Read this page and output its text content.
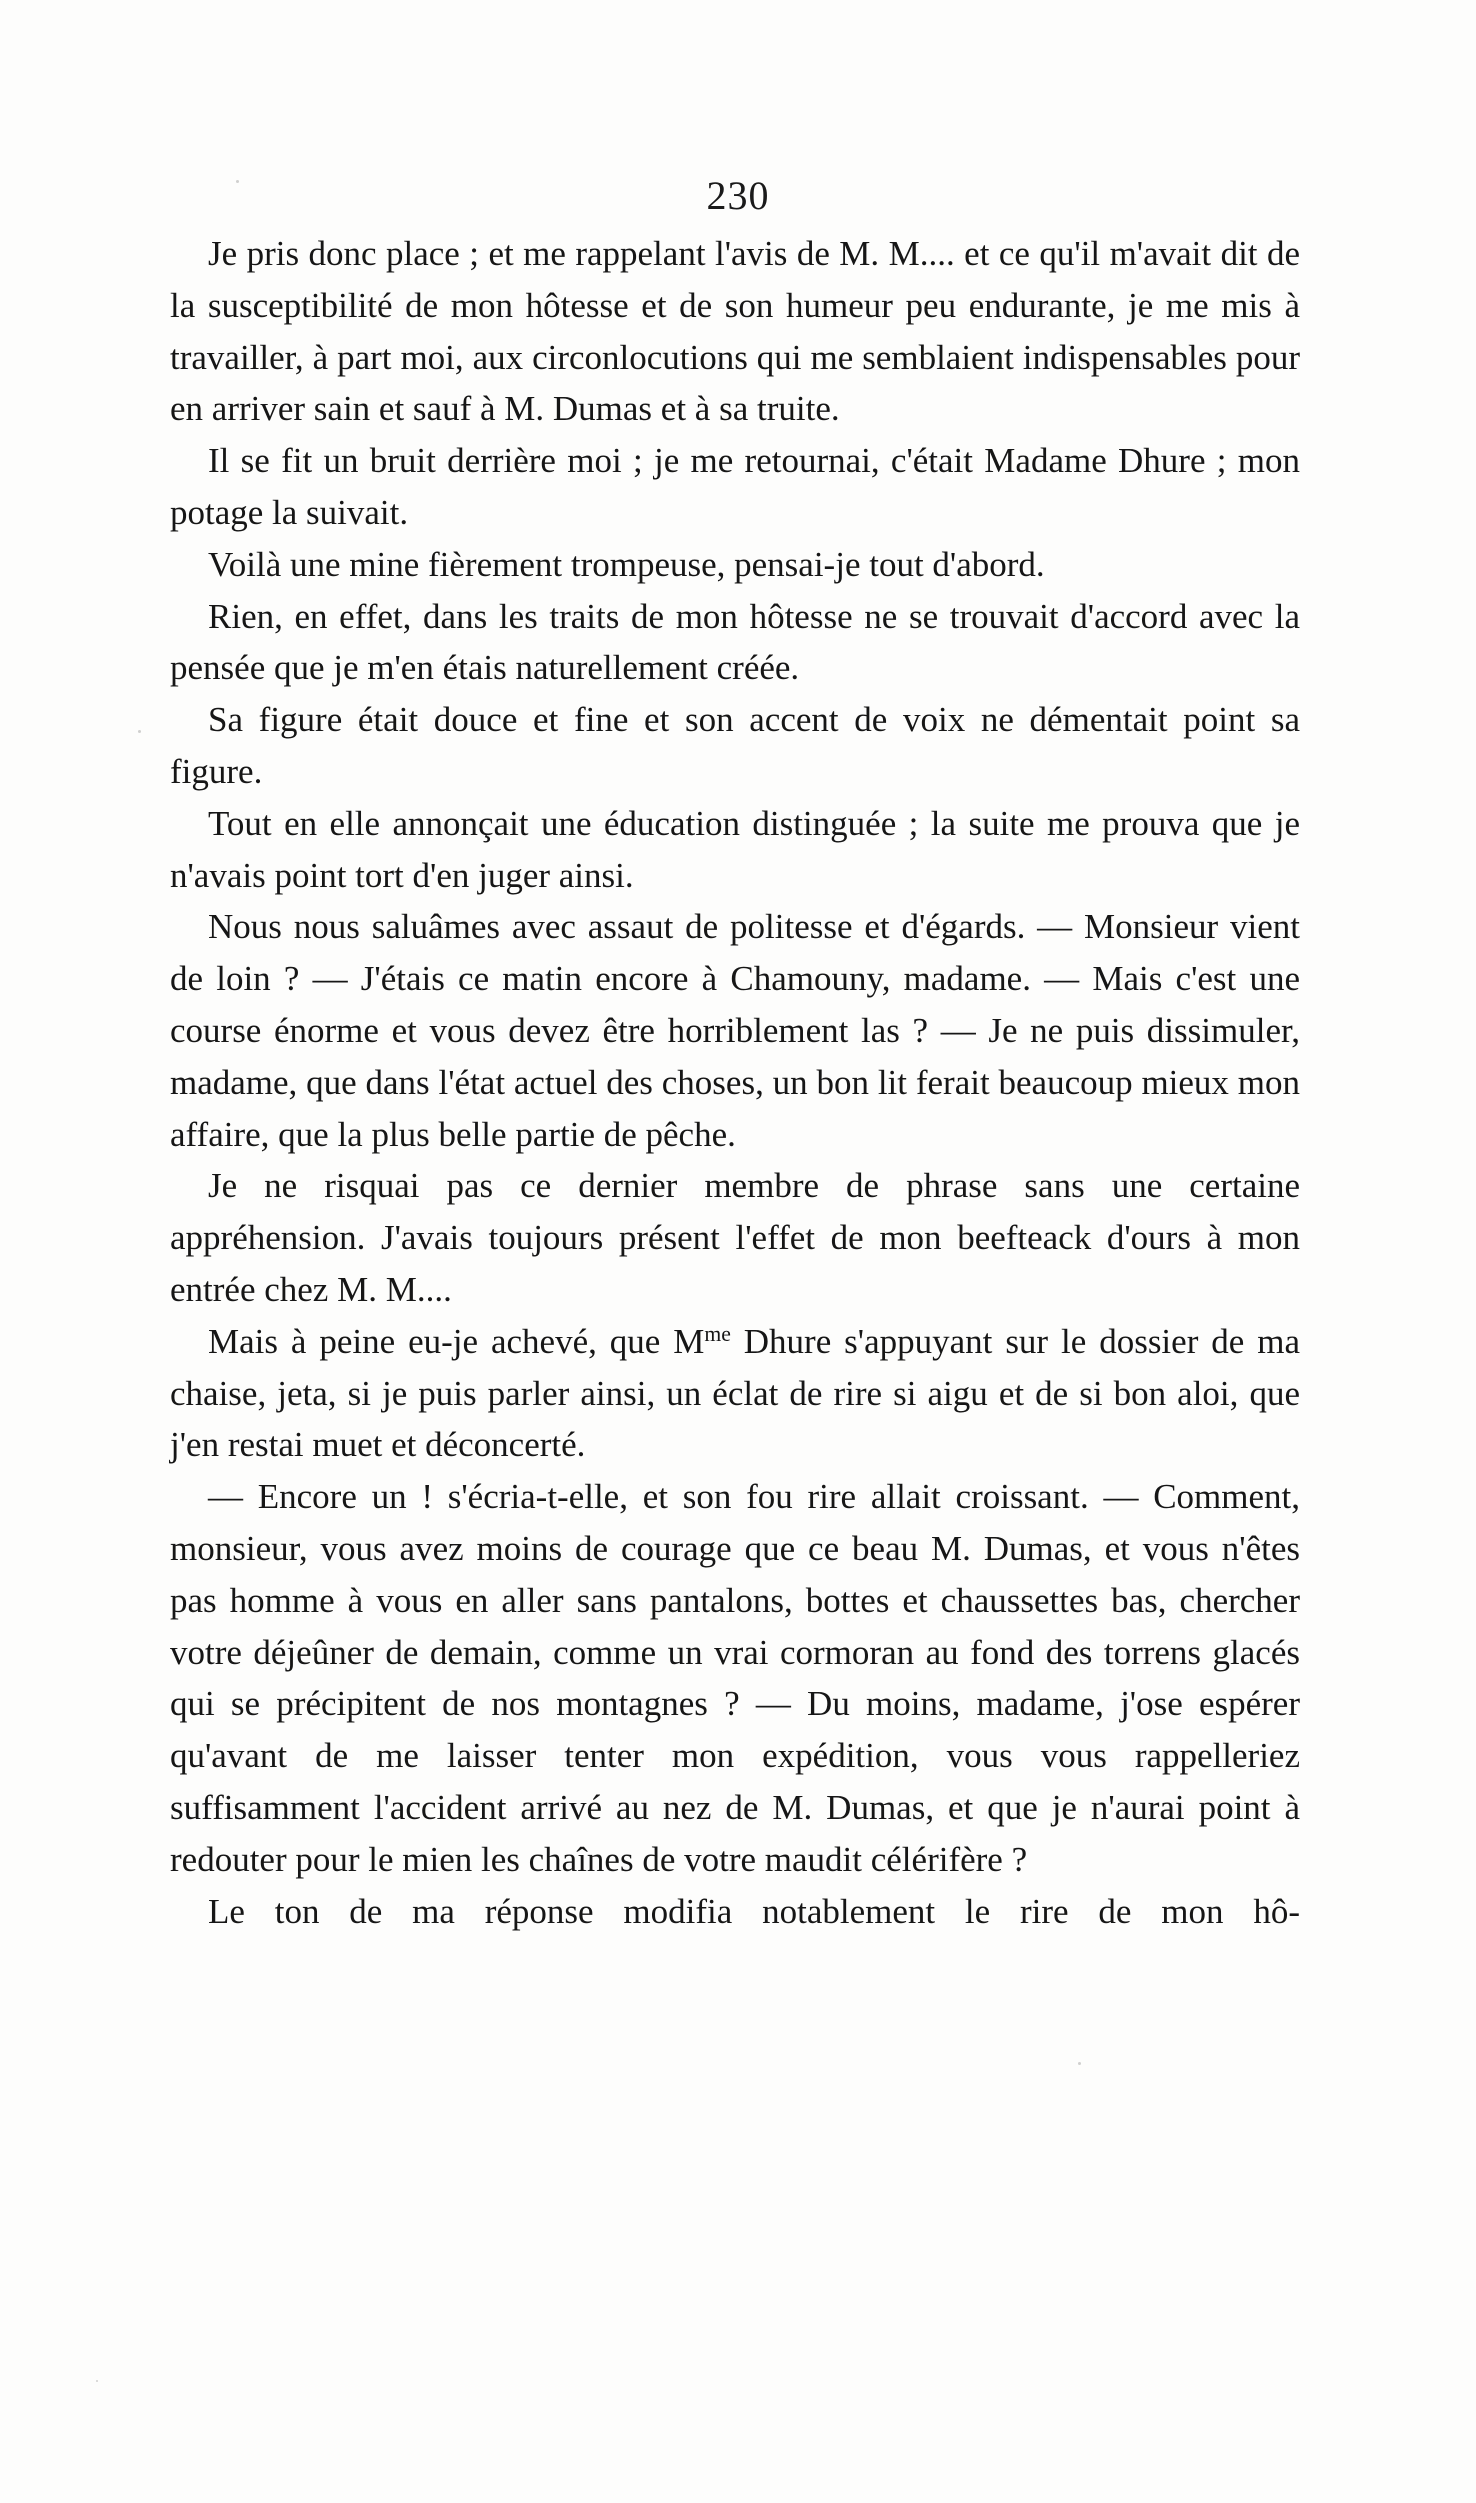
230

Je pris donc place ; et me rappelant l'avis de M. M.... et ce qu'il m'avait dit de la susceptibilité de mon hôtesse et de son humeur peu endurante, je me mis à travailler, à part moi, aux circonlocutions qui me semblaient indispensables pour en arriver sain et sauf à M. Dumas et à sa truite.

Il se fit un bruit derrière moi ; je me retournai, c'était Madame Dhure ; mon potage la suivait.

Voilà une mine fièrement trompeuse, pensai-je tout d'abord.

Rien, en effet, dans les traits de mon hôtesse ne se trouvait d'accord avec la pensée que je m'en étais naturellement créée.

Sa figure était douce et fine et son accent de voix ne démentait point sa figure.

Tout en elle annonçait une éducation distinguée ; la suite me prouva que je n'avais point tort d'en juger ainsi.

Nous nous saluâmes avec assaut de politesse et d'égards. — Monsieur vient de loin ? — J'étais ce matin encore à Chamouny, madame. — Mais c'est une course énorme et vous devez être horriblement las ? — Je ne puis dissimuler, madame, que dans l'état actuel des choses, un bon lit ferait beaucoup mieux mon affaire, que la plus belle partie de pêche.

Je ne risquai pas ce dernier membre de phrase sans une certaine appréhension. J'avais toujours présent l'effet de mon beefteack d'ours à mon entrée chez M. M....

Mais à peine eu-je achevé, que $M^{me}$ Dhure s'appuyant sur le dossier de ma chaise, jeta, si je puis parler ainsi, un éclat de rire si aigu et de si bon aloi, que j'en restai muet et déconcerté.

— Encore un ! s'écria-t-elle, et son fou rire allait croissant. — Comment, monsieur, vous avez moins de courage que ce beau M. Dumas, et vous n'êtes pas homme à vous en aller sans pantalons, bottes et chaussettes bas, chercher votre déjeûner de demain, comme un vrai cormoran au fond des torrens glacés qui se précipitent de nos montagnes ? — Du moins, madame, j'ose espérer qu'avant de me laisser tenter mon expédition, vous vous rappelleriez suffisamment l'accident arrivé au nez de M. Dumas, et que je n'aurai point à redouter pour le mien les chaînes de votre maudit célérifère ?

Le ton de ma réponse modifia notablement le rire de mon hô-
